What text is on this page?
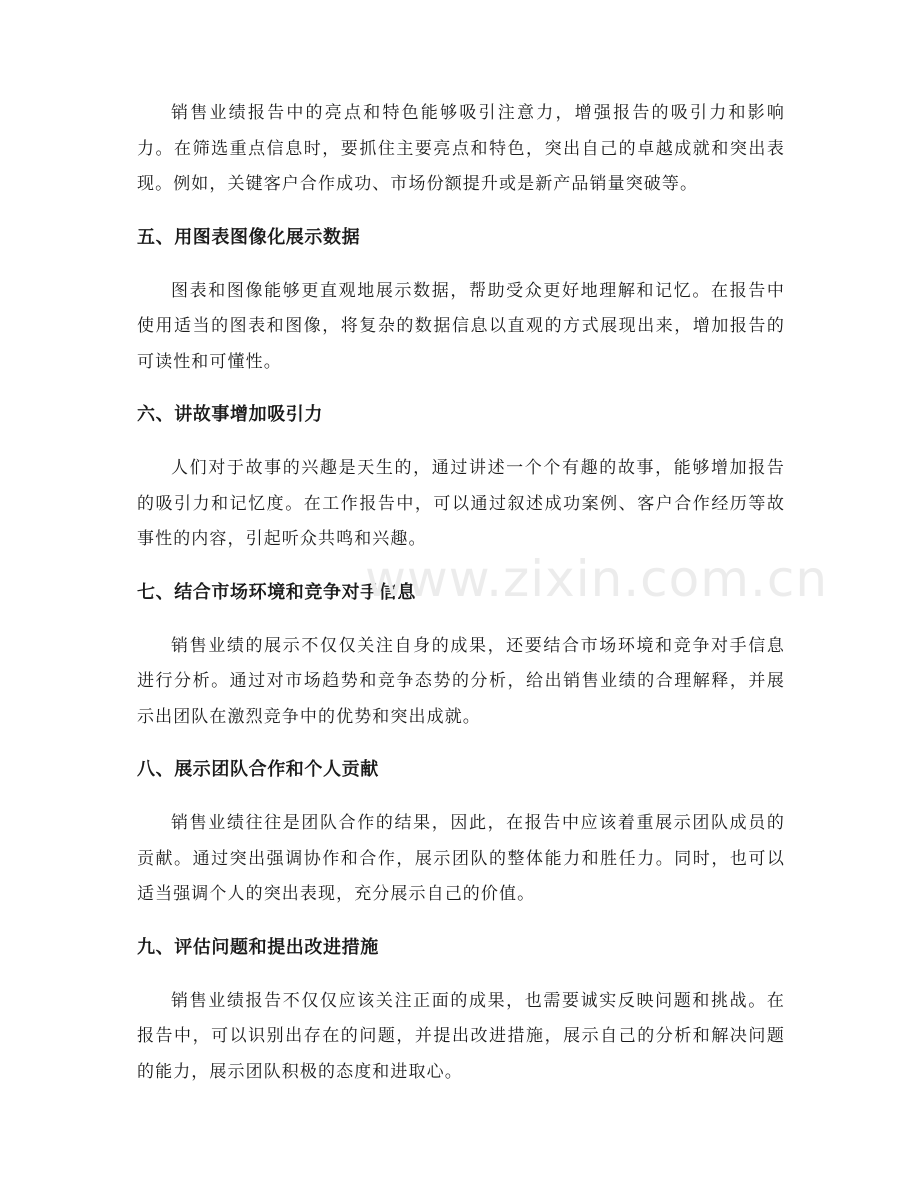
销售业绩报告中的亮点和特色能够吸引注意力，增强报告的吸引力和影响力。在筛选重点信息时，要抓住主要亮点和特色，突出自己的卓越成就和突出表现。例如，关键客户合作成功、市场份额提升或是新产品销量突破等。

五、用图表图像化展示数据

图表和图像能够更直观地展示数据，帮助受众更好地理解和记忆。在报告中使用适当的图表和图像，将复杂的数据信息以直观的方式展现出来，增加报告的可读性和可懂性。

六、讲故事增加吸引力

人们对于故事的兴趣是天生的，通过讲述一个个有趣的故事，能够增加报告的吸引力和记忆度。在工作报告中，可以通过叙述成功案例、客户合作经历等故事性的内容，引起听众共鸣和兴趣。

七、结合市场环境和竞争对手信息

销售业绩的展示不仅仅关注自身的成果，还要结合市场环境和竞争对手信息进行分析。通过对市场趋势和竞争态势的分析，给出销售业绩的合理解释，并展示出团队在激烈竞争中的优势和突出成就。

八、展示团队合作和个人贡献

销售业绩往往是团队合作的结果，因此，在报告中应该着重展示团队成员的贡献。通过突出强调协作和合作，展示团队的整体能力和胜任力。同时，也可以适当强调个人的突出表现，充分展示自己的价值。

九、评估问题和提出改进措施

销售业绩报告不仅仅应该关注正面的成果，也需要诚实反映问题和挑战。在报告中，可以识别出存在的问题，并提出改进措施，展示自己的分析和解决问题的能力，展示团队积极的态度和进取心。

www.zixin.com.cn
